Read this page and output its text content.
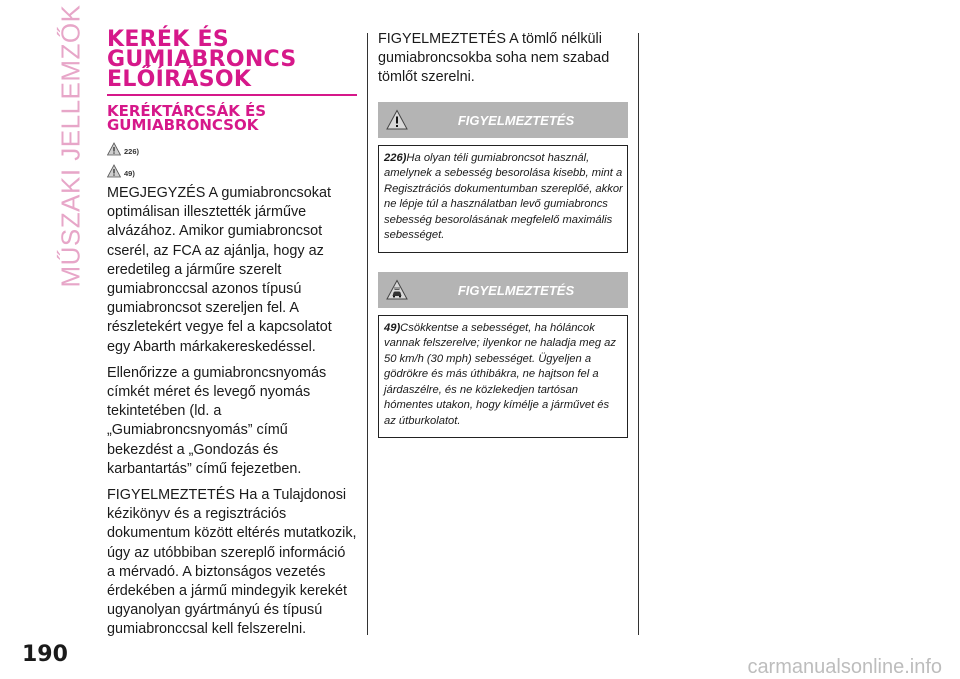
MŰSZAKI JELLEMZŐK KERÉK ÉS
GUMIABRONCS
ELŐÍRÁSOK
KERÉKTÁRCSÁK ÉS
GUMIABRONCSOK
226)
49)

MEGJEGYZÉS A gumiabroncsokat optimálisan illesztették járműve alvázához. Amikor gumiabroncsot cserél, az FCA az ajánlja, hogy az eredetileg a járműre szerelt gumiabronccsal azonos típusú gumiabroncsot szereljen fel. A részletekért vegye fel a kapcsolatot egy Abarth márkakereskedéssel.

Ellenőrizze a gumiabroncsnyomás címkét méret és levegő nyomás tekintetében (ld. a „Gumiabroncsnyomás” című bekezdést a „Gondozás és karbantartás” című fejezetben.

FIGYELMEZTETÉS Ha a Tulajdonosi kézikönyv és a regisztrációs dokumentum között eltérés mutatkozik, úgy az utóbbiban szereplő információ a mérvadó. A biztonságos vezetés érdekében a jármű mindegyik kerekét ugyanolyan gyártmányú és típusú gumiabronccsal kell felszerelni.

FIGYELMEZTETÉS A tömlő nélküli gumiabroncsokba soha nem szabad tömlőt szerelni.

FIGYELMEZTETÉS

226)Ha olyan téli gumiabroncsot használ, amelynek a sebesség besorolása kisebb, mint a Regisztrációs dokumentumban szereplőé, akkor ne lépje túl a használatban levő gumiabroncs sebesség besorolásának megfelelő maximális sebességet.

FIGYELMEZTETÉS

49)Csökkentse a sebességet, ha hóláncok vannak felszerelve; ilyenkor ne haladja meg az 50 km/h (30 mph) sebességet. Ügyeljen a gödrökre és más úthibákra, ne hajtson fel a járdaszélre, és ne közlekedjen tartósan hómentes utakon, hogy kímélje a járművet és az útburkolatot.

190	carmanualsonline.info
